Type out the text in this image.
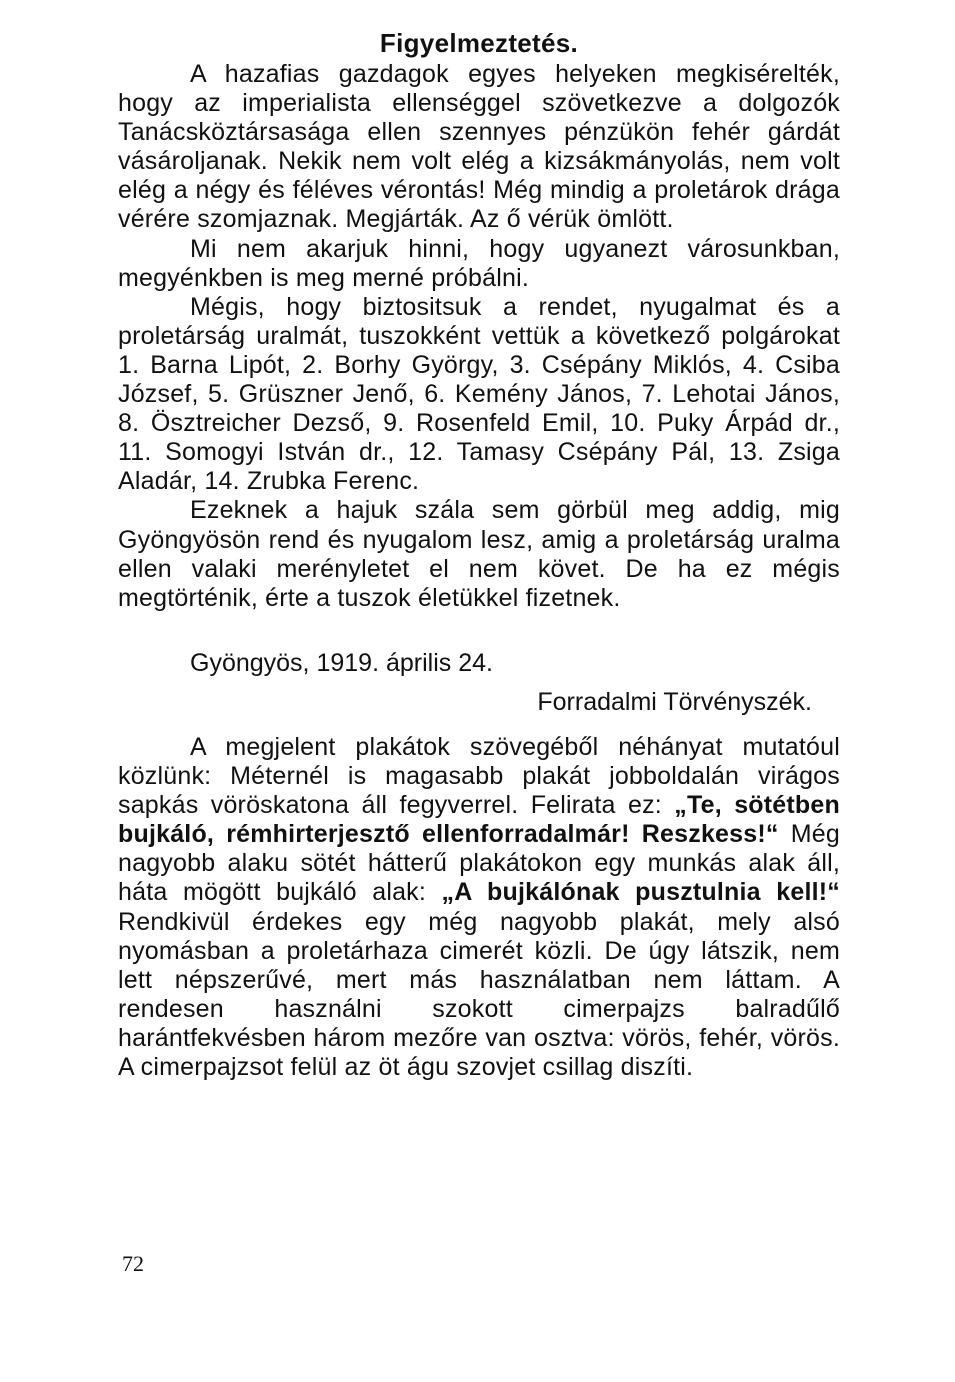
Figyelmeztetés.

A hazafias gazdagok egyes helyeken megkisérelték, hogy az imperialista ellenséggel szövetkezve a dolgozók Tanácsköztársasága ellen szennyes pénzükön fehér gárdát vásároljanak. Nekik nem volt elég a kizsákmányolás, nem volt elég a négy és féléves vérontás! Még mindig a proletárok drága vérére szomjaznak. Megjárták. Az ő vérük ömlött.

Mi nem akarjuk hinni, hogy ugyanezt városunkban, megyénkben is meg merné próbálni.

Mégis, hogy biztositsuk a rendet, nyugalmat és a proletárság uralmát, tuszokként vettük a következő polgárokat 1. Barna Lipót, 2. Borhy György, 3. Csépány Miklós, 4. Csiba József, 5. Grüszner Jenő, 6. Kemény János, 7. Lehotai János, 8. Ösztreicher Dezső, 9. Rosenfeld Emil, 10. Puky Árpád dr., 11. Somogyi István dr., 12. Tamasy Csépány Pál, 13. Zsiga Aladár, 14. Zrubka Ferenc.

Ezeknek a hajuk szála sem görbül meg addig, mig Gyöngyösön rend és nyugalom lesz, amig a proletárság uralma ellen valaki merényletet el nem követ. De ha ez mégis megtörténik, érte a tuszok életükkel fizetnek.

Gyöngyös, 1919. április 24.
Forradalmi Törvényszék.

A megjelent plakátok szövegéből néhányat mutatóul közlünk: Méternél is magasabb plakát jobboldalán virágos sapkás vöröskatona áll fegyverrel. Felirata ez: „Te, sötétben bujkáló, rémhirterjesztő ellenforradalmár! Reszkess!“ Még nagyobb alaku sötét hátterű plakátokon egy munkás alak áll, háta mögött bujkáló alak: „A bujkálónak pusztulnia kell!“ Rendkivül érdekes egy még nagyobb plakát, mely alsó nyomásban a proletárhaza cimerét közli. De úgy látszik, nem lett népszerűvé, mert más használatban nem láttam. A rendesen használni szokott cimerpajzs balradűlő harántfekvésben három mezőre van osztva: vörös, fehér, vörös. A cimerpajzsot felül az öt águ szovjet csillag diszíti.

72
